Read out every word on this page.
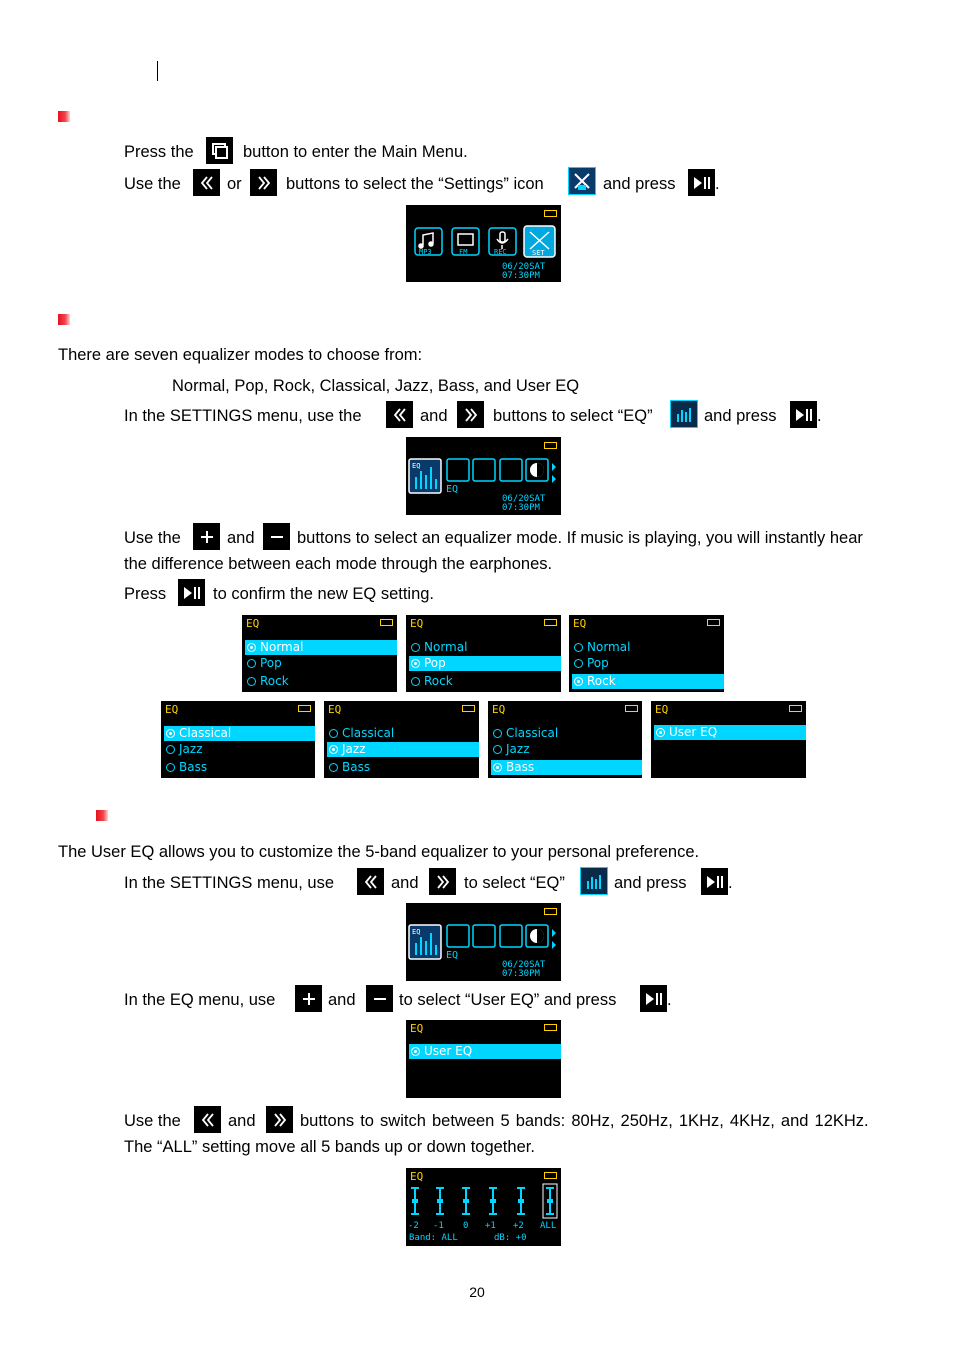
Press the	button to enter the Main Menu.
Use the	or	buttons to select the “Settings” icon	and press .
MP3	FM	REC	SET
06/20SAT
07:30PM
There are seven equalizer modes to choose from:
Normal, Pop, Rock, Classical, Jazz, Bass, and User EQ
In the SETTINGS menu, use the	and	buttons to select “EQ”	and press .
EQ
EQ
06/20SAT
07:30PM
Use the	and	buttons to select an equalizer mode. If music is playing, you will instantly hear
the difference between each mode through the earphones.
Press	to confirm the new EQ setting.
EQ
Normal
Pop
Rock
EQ
Normal
Pop
Rock
EQ
Normal
Pop
Rock
EQ
Classical
Jazz
Bass
EQ
Classical
Jazz
Bass
EQ
Classical
Jazz
Bass
EQ
User EQ
The User EQ allows you to customize the 5-band equalizer to your personal preference.
In the SETTINGS menu, use	and	to select “EQ”	and press	.
EQ
EQ
06/20SAT
07:30PM
In the EQ menu, use	and	to select “User EQ” and press	.
EQ
User EQ
Use the	and	buttons to switch between 5 bands: 80Hz, 250Hz, 1KHz, 4KHz, and 12KHz.
The “ALL” setting move all 5 bands up or down together.
EQ
-2 -1 0 +1 +2 ALL
Band: ALL	dB: +0
20
